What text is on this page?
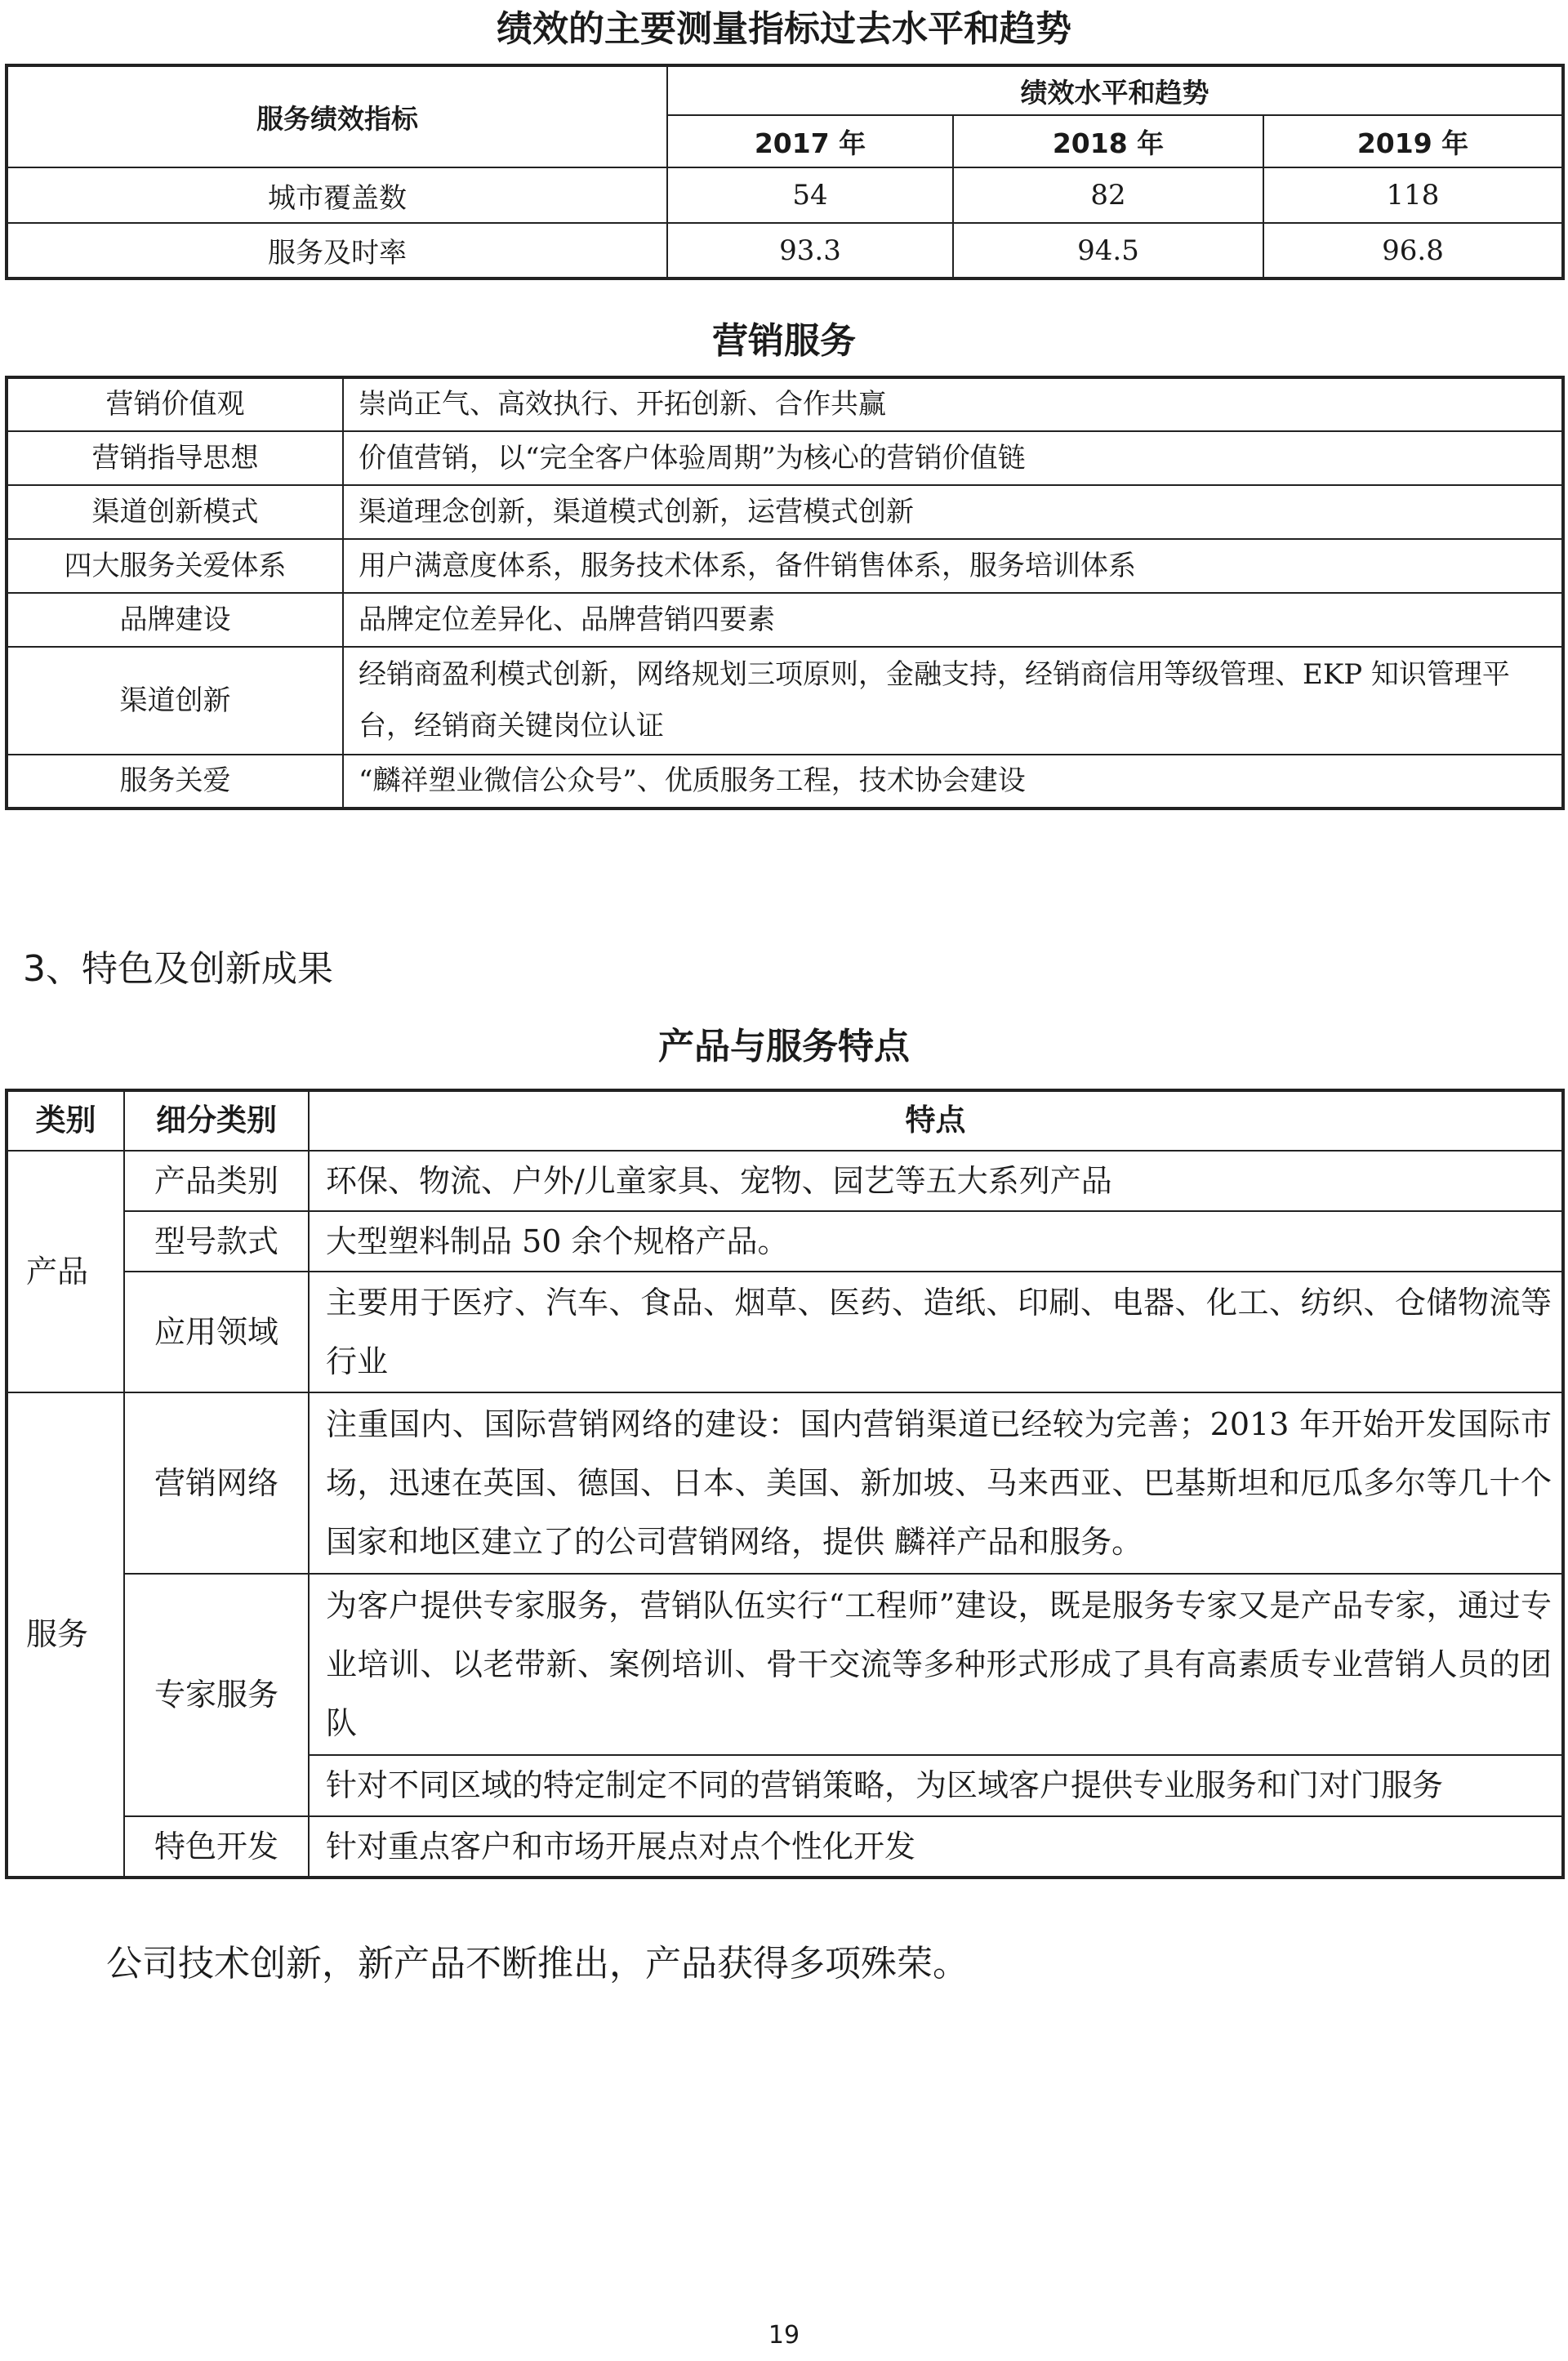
绩效的主要测量指标过去水平和趋势
服务绩效指标	绩效水平和趋势		
	2017 年	2018 年	2019 年
城市覆盖数	54	82	118
服务及时率	93.3	94.5	96.8
营销服务
营销价值观	崇尚正气、高效执行、开拓创新、合作共赢
营销指导思想	价值营销，以“完全客户体验周期”为核心的营销价值链
渠道创新模式	渠道理念创新，渠道模式创新，运营模式创新
四大服务关爱体系	用户满意度体系，服务技术体系，备件销售体系，服务培训体系
品牌建设	品牌定位差异化、品牌营销四要素
渠道创新	经销商盈利模式创新，网络规划三项原则，金融支持，经销商信用等级管理、EKP 知识管理平台，经销商关键岗位认证
服务关爱	“麟祥塑业微信公众号”、优质服务工程，技术协会建设
3、特色及创新成果
产品与服务特点
类别	细分类别	特点
产品	产品类别	环保、物流、户外/儿童家具、宠物、园艺等五大系列产品
	型号款式	大型塑料制品 50 余个规格产品。
	应用领域	主要用于医疗、汽车、食品、烟草、医药、造纸、印刷、电器、化工、纺织、仓储物流等行业
服务	营销网络	注重国内、国际营销网络的建设：国内营销渠道已经较为完善；2013 年开始开发国际市场，迅速在英国、德国、日本、美国、新加坡、马来西亚、巴基斯坦和厄瓜多尔等几十个国家和地区建立了的公司营销网络，提供 麟祥产品和服务。
	专家服务	为客户提供专家服务，营销队伍实行“工程师”建设，既是服务专家又是产品专家，通过专业培训、以老带新、案例培训、骨干交流等多种形式形成了具有高素质专业营销人员的团队
		针对不同区域的特定制定不同的营销策略，为区域客户提供专业服务和门对门服务
	特色开发	针对重点客户和市场开展点对点个性化开发
公司技术创新，新产品不断推出，产品获得多项殊荣。
19
